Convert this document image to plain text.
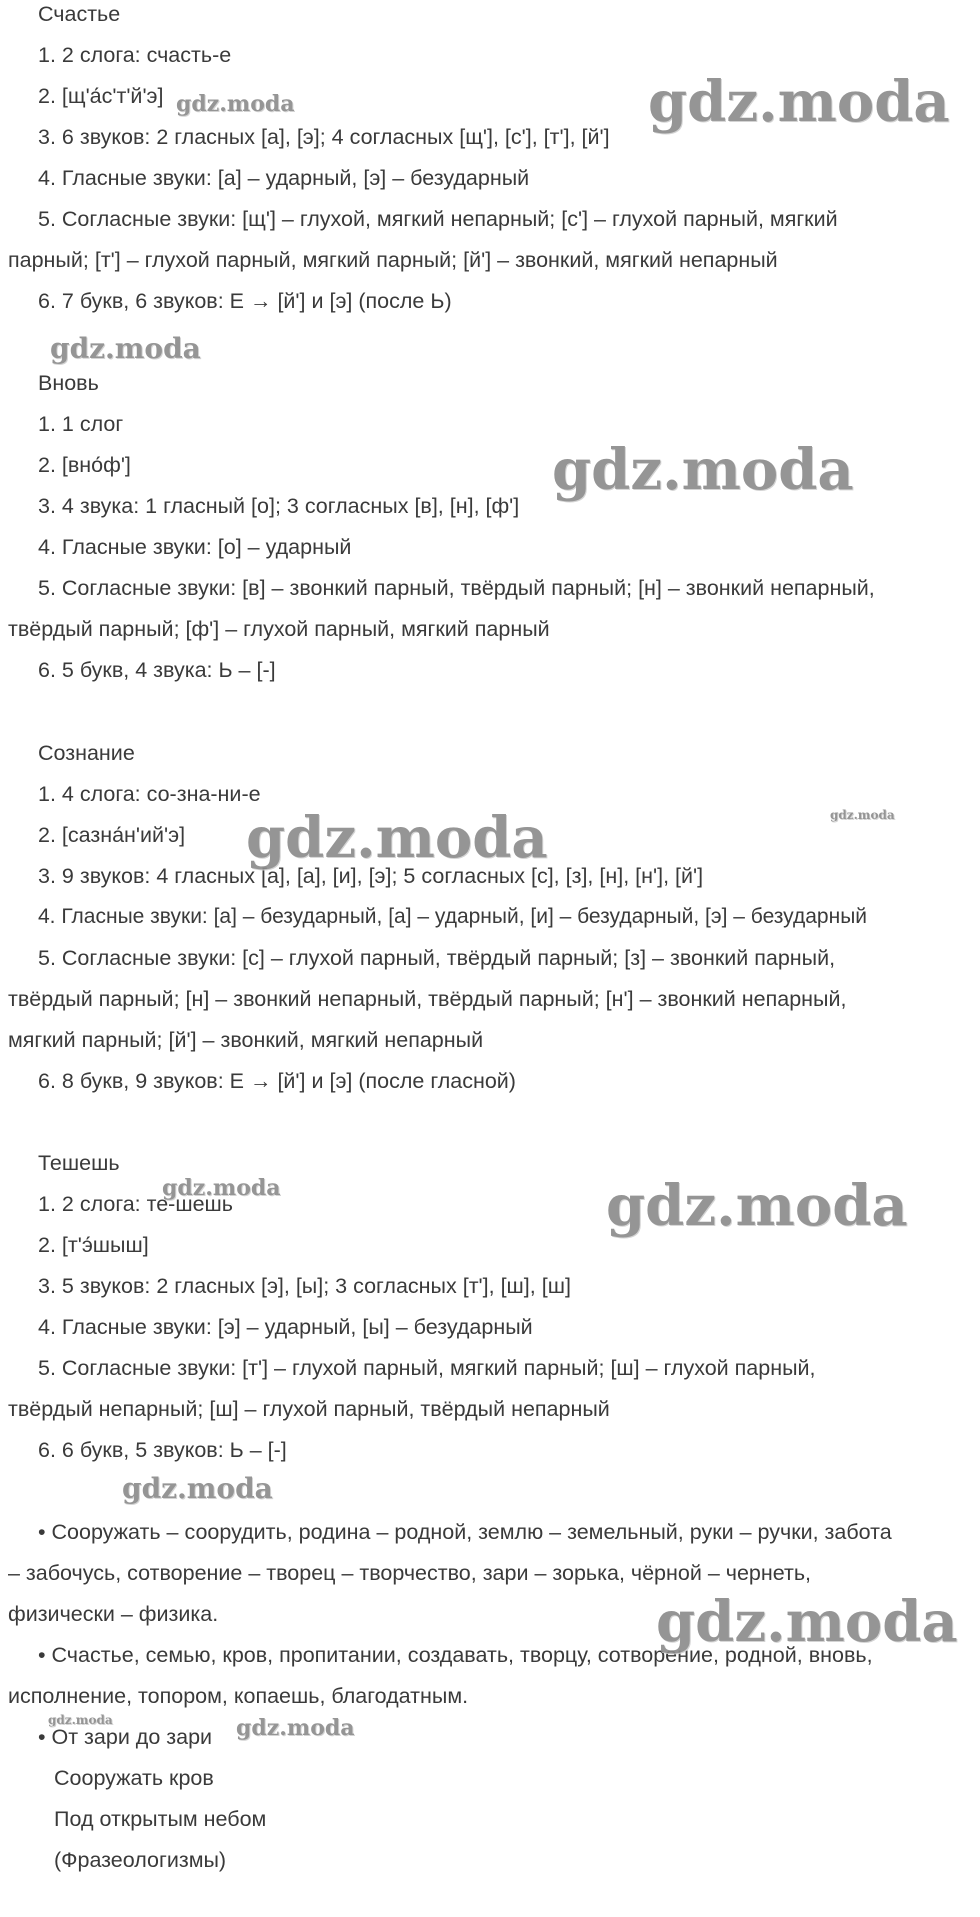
Счастье
1. 2 слога: счасть-е
2. [щ'а́с'т'й'э]
3. 6 звуков: 2 гласных [а], [э]; 4 согласных [щ'], [с'], [т'], [й']
4. Гласные звуки: [а] – ударный, [э] – безударный
5. Согласные звуки: [щ'] – глухой, мягкий непарный; [с'] – глухой парный, мягкий
парный; [т'] – глухой парный, мягкий парный; [й'] – звонкий, мягкий непарный
6. 7 букв, 6 звуков: Е → [й'] и [э] (после Ь)
Вновь
1. 1 слог
2. [вно́ф']
3. 4 звука: 1 гласный [о]; 3 согласных [в], [н], [ф']
4. Гласные звуки: [о] – ударный
5. Согласные звуки: [в] – звонкий парный, твёрдый парный; [н] – звонкий непарный,
твёрдый парный; [ф'] – глухой парный, мягкий парный
6. 5 букв, 4 звука: Ь – [-]
Сознание
1. 4 слога: со-зна-ни-е
2. [сазна́н'ий'э]
3. 9 звуков: 4 гласных [а], [а], [и], [э]; 5 согласных [с], [з], [н], [н'], [й']
4. Гласные звуки: [а] – безударный, [а] – ударный, [и] – безударный, [э] – безударный
5. Согласные звуки: [с] – глухой парный, твёрдый парный; [з] – звонкий парный,
твёрдый парный; [н] – звонкий непарный, твёрдый парный; [н'] – звонкий непарный,
мягкий парный; [й'] – звонкий, мягкий непарный
6. 8 букв, 9 звуков: Е → [й'] и [э] (после гласной)
Тешешь
1. 2 слога: те-шешь
2. [т'э́шыш]
3. 5 звуков: 2 гласных [э], [ы]; 3 согласных [т'], [ш], [ш]
4. Гласные звуки: [э] – ударный, [ы] – безударный
5. Согласные звуки: [т'] – глухой парный, мягкий парный; [ш] – глухой парный,
твёрдый непарный; [ш] – глухой парный, твёрдый непарный
6. 6 букв, 5 звуков: Ь – [-]
• Сооружать – соорудить, родина – родной, землю – земельный, руки – ручки, забота
– забочусь, сотворение – творец – творчество, зари – зорька, чёрной – чернеть,
физически – физика.
• Счастье, семью, кров, пропитании, создавать, творцу, сотворение, родной, вновь,
исполнение, топором, копаешь, благодатным.
• От зари до зари
Сооружать кров
Под открытым небом
(Фразеологизмы)
gdz.moda
gdz.moda
gdz.moda
gdz.moda
gdz.moda
gdz.moda
gdz.moda	gdz.moda
gdz.moda
gdz.moda
gdz.moda	gdz.moda
